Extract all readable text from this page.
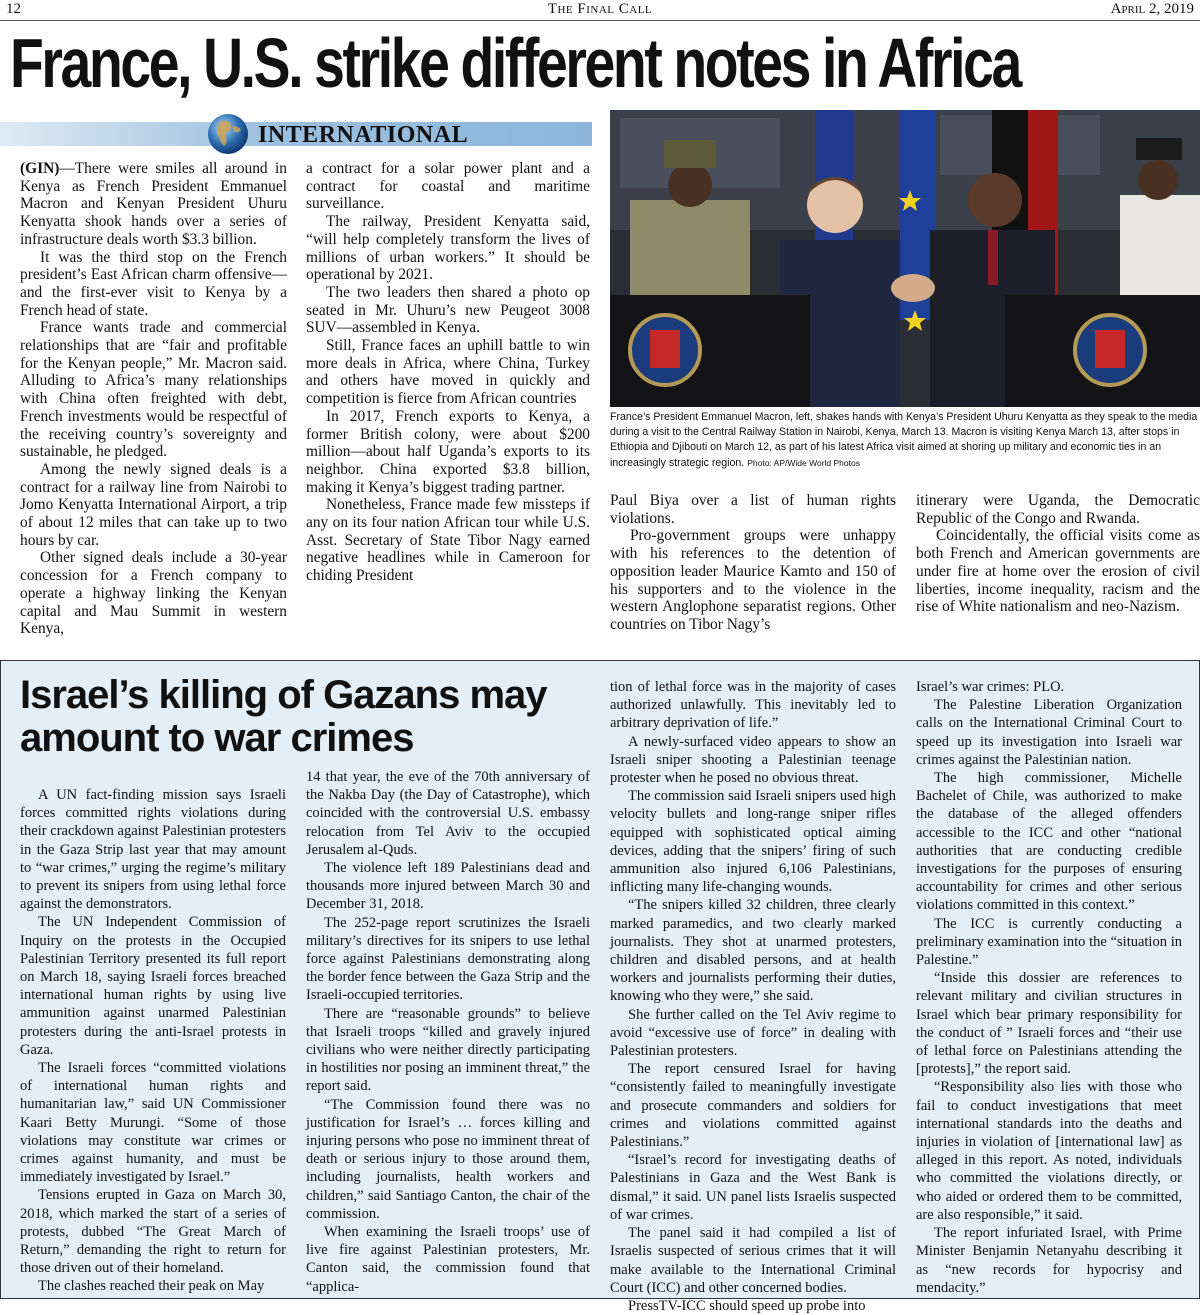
12	The Final Call	April 2, 2019
France, U.S. strike different notes in Africa
INTERNATIONAL

(GIN)—There were smiles all around in Kenya as French President Emmanuel Macron and Kenyan President Uhuru Kenyatta shook hands over a series of infrastructure deals worth $3.3 billion.

It was the third stop on the French president’s East African charm offensive—and the first-ever visit to Kenya by a French head of state.

France wants trade and commercial relationships that are “fair and profitable for the Kenyan people,” Mr. Macron said. Alluding to Africa’s many relationships with China often freighted with debt, French investments would be respectful of the receiving country’s sovereignty and sustainable, he pledged.

Among the newly signed deals is a contract for a railway line from Nairobi to Jomo Kenyatta International Airport, a trip of about 12 miles that can take up to two hours by car.

Other signed deals include a 30-year concession for a French company to operate a highway linking the Kenyan capital and Mau Summit in western Kenya,

a contract for a solar power plant and a contract for coastal and maritime surveillance.

The railway, President Kenyatta said, “will help completely transform the lives of millions of urban workers.” It should be operational by 2021.

The two leaders then shared a photo op seated in Mr. Uhuru’s new Peugeot 3008 SUV—assembled in Kenya.

Still, France faces an uphill battle to win more deals in Africa, where China, Turkey and others have moved in quickly and competition is fierce from African countries

In 2017, French exports to Kenya, a former British colony, were about $200 million—about half Uganda’s exports to its neighbor. China exported $3.8 billion, making it Kenya’s biggest trading partner.

Nonetheless, France made few missteps if any on its four nation African tour while U.S. Asst. Secretary of State Tibor Nagy earned negative headlines while in Cameroon for chiding President

Paul Biya over a list of human rights violations.

Pro-government groups were unhappy with his references to the detention of opposition leader Maurice Kamto and 150 of his supporters and to the violence in the western Anglophone separatist regions. Other countries on Tibor Nagy’s

itinerary were Uganda, the Democratic Republic of the Congo and Rwanda.

Coincidentally, the official visits come as both French and American governments are under fire at home over the erosion of civil liberties, income inequality, racism and the rise of White nationalism and neo-Nazism.

France’s President Emmanuel Macron, left, shakes hands with Kenya’s President Uhuru Kenyatta as they speak to the media during a visit to the Central Railway Station in Nairobi, Kenya, March 13. Macron is visiting Kenya March 13, after stops in Ethiopia and Djibouti on March 12, as part of his latest Africa visit aimed at shoring up military and economic ties in an increasingly strategic region. Photo: AP/Wide World Photos
Israel’s killing of Gazans may amount to war crimes

A UN fact-finding mission says Israeli forces committed rights violations during their crackdown against Palestinian protesters in the Gaza Strip last year that may amount to “war crimes,” urging the regime’s military to prevent its snipers from using lethal force against the demonstrators.

The UN Independent Commission of Inquiry on the protests in the Occupied Palestinian Territory presented its full report on March 18, saying Israeli forces breached international human rights by using live ammunition against unarmed Palestinian protesters during the anti-Israel protests in Gaza.

The Israeli forces “committed violations of international human rights and humanitarian law,” said UN Commissioner Kaari Betty Murungi. “Some of those violations may constitute war crimes or crimes against humanity, and must be immediately investigated by Israel.”

Tensions erupted in Gaza on March 30, 2018, which marked the start of a series of protests, dubbed “The Great March of Return,” demanding the right to return for those driven out of their homeland.

The clashes reached their peak on May

14 that year, the eve of the 70th anniversary of the Nakba Day (the Day of Catastrophe), which coincided with the controversial U.S. embassy relocation from Tel Aviv to the occupied Jerusalem al-Quds.

The violence left 189 Palestinians dead and thousands more injured between March 30 and December 31, 2018.

The 252-page report scrutinizes the Israeli military’s directives for its snipers to use lethal force against Palestinians demonstrating along the border fence between the Gaza Strip and the Israeli-occupied territories.

There are “reasonable grounds” to believe that Israeli troops “killed and gravely injured civilians who were neither directly participating in hostilities nor posing an imminent threat,” the report said.

“The Commission found there was no justification for Israel’s … forces killing and injuring persons who pose no imminent threat of death or serious injury to those around them, including journalists, health workers and children,” said Santiago Canton, the chair of the commission.

When examining the Israeli troops’ use of live fire against Palestinian protesters, Mr. Canton said, the commission found that “applica-

tion of lethal force was in the majority of cases authorized unlawfully. This inevitably led to arbitrary deprivation of life.”

A newly-surfaced video appears to show an Israeli sniper shooting a Palestinian teenage protester when he posed no obvious threat.

The commission said Israeli snipers used high velocity bullets and long-range sniper rifles equipped with sophisticated optical aiming devices, adding that the snipers’ firing of such ammunition also injured 6,106 Palestinians, inflicting many life-changing wounds.

“The snipers killed 32 children, three clearly marked paramedics, and two clearly marked journalists. They shot at unarmed protesters, children and disabled persons, and at health workers and journalists performing their duties, knowing who they were,” she said.

She further called on the Tel Aviv regime to avoid “excessive use of force” in dealing with Palestinian protesters.

The report censured Israel for having “consistently failed to meaningfully investigate and prosecute commanders and soldiers for crimes and violations committed against Palestinians.”

“Israel’s record for investigating deaths of Palestinians in Gaza and the West Bank is dismal,” it said. UN panel lists Israelis suspected of war crimes.

The panel said it had compiled a list of Israelis suspected of serious crimes that it will make available to the International Criminal Court (ICC) and other concerned bodies.

PressTV-ICC should speed up probe into

Israel’s war crimes: PLO.

The Palestine Liberation Organization calls on the International Criminal Court to speed up its investigation into Israeli war crimes against the Palestinian nation.

The high commissioner, Michelle Bachelet of Chile, was authorized to make the database of the alleged offenders accessible to the ICC and other “national authorities that are conducting credible investigations for the purposes of ensuring accountability for crimes and other serious violations committed in this context.”

The ICC is currently conducting a preliminary examination into the “situation in Palestine.”

“Inside this dossier are references to relevant military and civilian structures in Israel which bear primary responsibility for the conduct of ” Israeli forces and “their use of lethal force on Palestinians attending the [protests],” the report said.

“Responsibility also lies with those who fail to conduct investigations that meet international standards into the deaths and injuries in violation of [international law] as alleged in this report. As noted, individuals who committed the violations directly, or who aided or ordered them to be committed, are also responsible,” it said.

The report infuriated Israel, with Prime Minister Benjamin Netanyahu describing it as “new records for hypocrisy and mendacity.”
